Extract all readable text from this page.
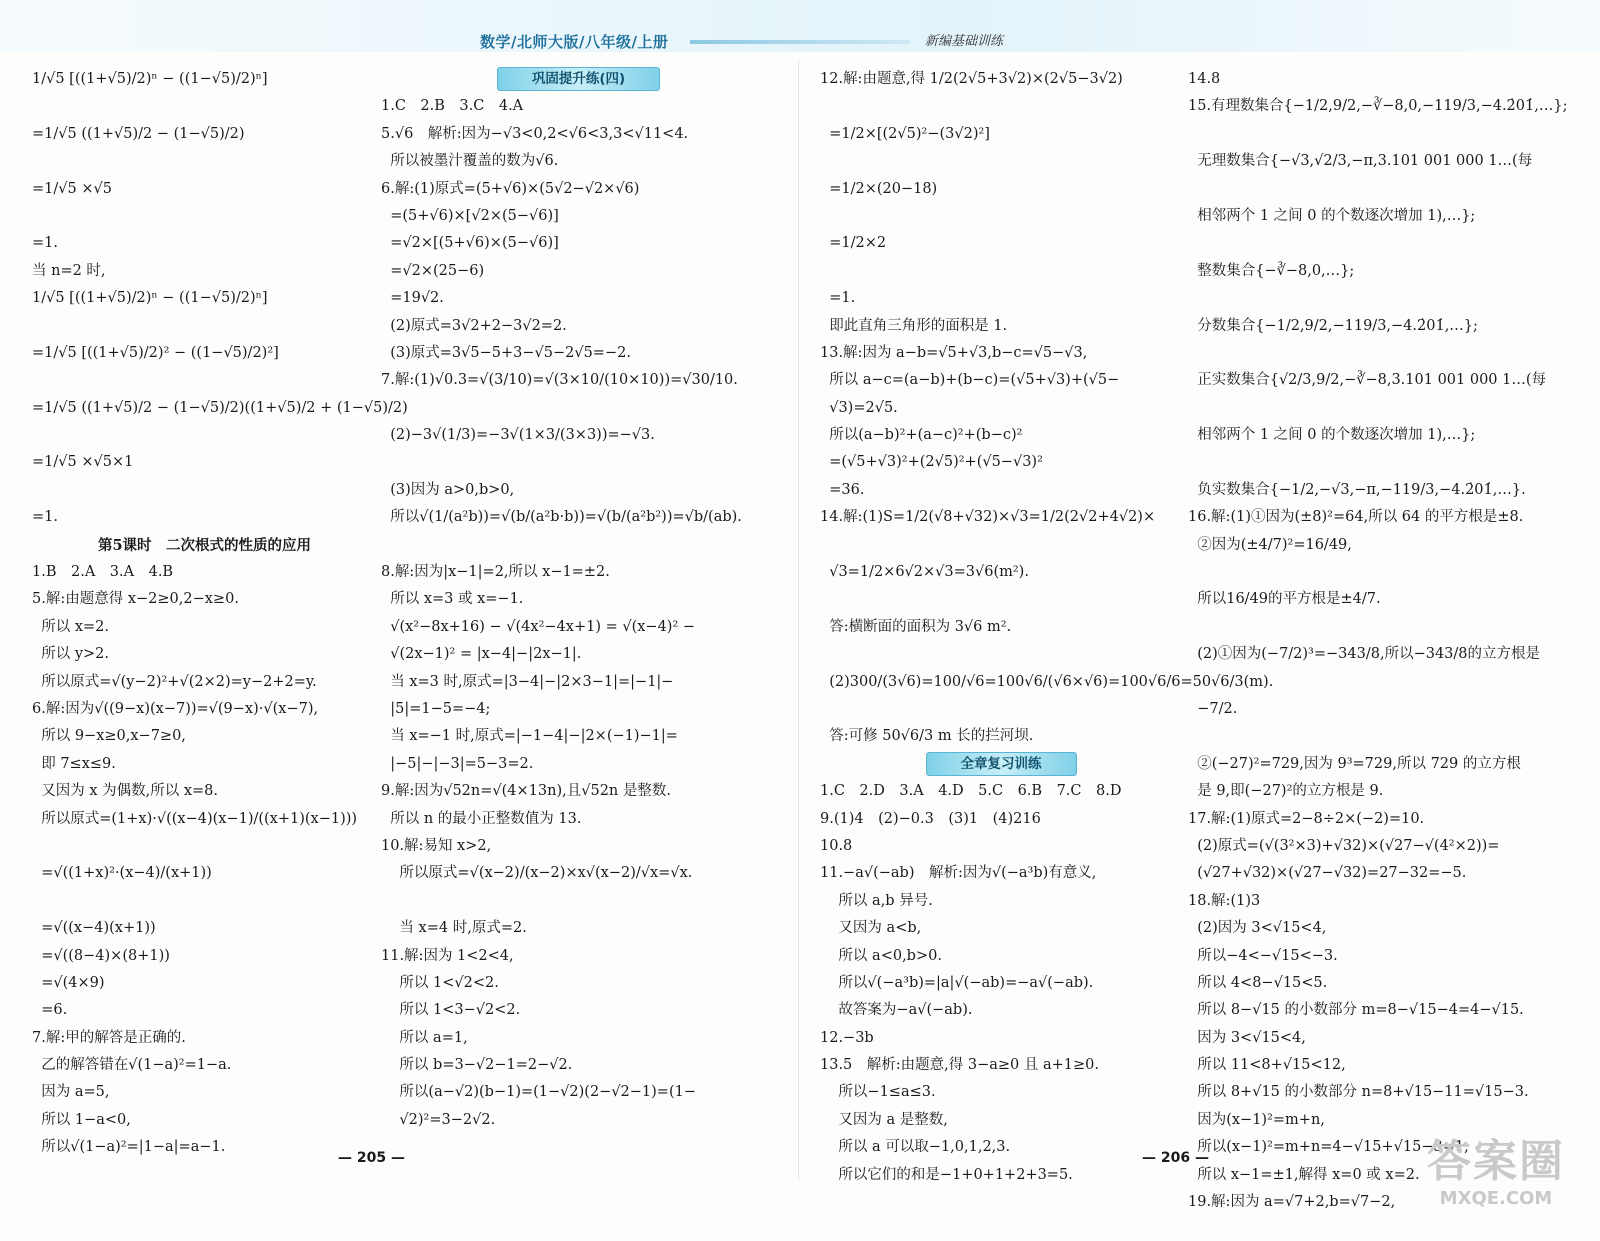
数学/北师大版/八年级/上册	新编基础训练
1/√5 [((1+√5)/2)ⁿ − ((1−√5)/2)ⁿ]
=1/√5 ((1+√5)/2 − (1−√5)/2)
=1/√5 ×√5
=1.
当 n=2 时,
1/√5 [((1+√5)/2)ⁿ − ((1−√5)/2)ⁿ]
=1/√5 [((1+√5)/2)² − ((1−√5)/2)²]
=1/√5 ((1+√5)/2 − (1−√5)/2)((1+√5)/2 + (1−√5)/2)
=1/√5 ×√5×1
=1.
第5课时　二次根式的性质的应用
1.B　2.A　3.A　4.B
5.解:由题意得 x−2≥0,2−x≥0.
所以 x=2.
所以 y>2.
所以原式=√(y−2)²+√(2×2)=y−2+2=y.
6.解:因为√((9−x)(x−7))=√(9−x)·√(x−7),
所以 9−x≥0,x−7≥0,
即 7≤x≤9.
又因为 x 为偶数,所以 x=8.
所以原式=(1+x)·√((x−4)(x−1)/((x+1)(x−1)))
=√((1+x)²·(x−4)/(x+1))
=√((x−4)(x+1))
=√((8−4)×(8+1))
=√(4×9)
=6.
7.解:甲的解答是正确的.
乙的解答错在√(1−a)²=1−a.
因为 a=5,
所以 1−a<0,
所以√(1−a)²=|1−a|=a−1.
巩固提升练(四)
1.C　2.B　3.C　4.A
5.√6　解析:因为−√3<0,2<√6<3,3<√11<4.
所以被墨汁覆盖的数为√6.
6.解:(1)原式=(5+√6)×(5√2−√2×√6)
=(5+√6)×[√2×(5−√6)]
=√2×[(5+√6)×(5−√6)]
=√2×(25−6)
=19√2.
(2)原式=3√2+2−3√2=2.
(3)原式=3√5−5+3−√5−2√5=−2.
7.解:(1)√0.3=√(3/10)=√(3×10/(10×10))=√30/10.
(2)−3√(1/3)=−3√(1×3/(3×3))=−√3.
(3)因为 a>0,b>0,
所以√(1/(a²b))=√(b/(a²b·b))=√(b/(a²b²))=√b/(ab).
8.解:因为|x−1|=2,所以 x−1=±2.
所以 x=3 或 x=−1.
√(x²−8x+16) − √(4x²−4x+1) = √(x−4)² −
√(2x−1)² = |x−4|−|2x−1|.
当 x=3 时,原式=|3−4|−|2×3−1|=|−1|−
|5|=1−5=−4;
当 x=−1 时,原式=|−1−4|−|2×(−1)−1|=
|−5|−|−3|=5−3=2.
9.解:因为√52n=√(4×13n),且√52n 是整数.
所以 n 的最小正整数值为 13.
10.解:易知 x>2,
所以原式=√(x−2)/(x−2)×x√(x−2)/√x=√x.
当 x=4 时,原式=2.
11.解:因为 1<2<4,
所以 1<√2<2.
所以 1<3−√2<2.
所以 a=1,
所以 b=3−√2−1=2−√2.
所以(a−√2)(b−1)=(1−√2)(2−√2−1)=(1−
√2)²=3−2√2.
12.解:由题意,得 1/2(2√5+3√2)×(2√5−3√2)
=1/2×[(2√5)²−(3√2)²]
=1/2×(20−18)
=1/2×2
=1.
即此直角三角形的面积是 1.
13.解:因为 a−b=√5+√3,b−c=√5−√3,
所以 a−c=(a−b)+(b−c)=(√5+√3)+(√5−
√3)=2√5.
所以(a−b)²+(a−c)²+(b−c)²
=(√5+√3)²+(2√5)²+(√5−√3)²
=36.
14.解:(1)S=1/2(√8+√32)×√3=1/2(2√2+4√2)×
√3=1/2×6√2×√3=3√6(m²).
答:横断面的面积为 3√6 m².
(2)300/(3√6)=100/√6=100√6/(√6×√6)=100√6/6=50√6/3(m).
答:可修 50√6/3 m 长的拦河坝.
全章复习训练
1.C　2.D　3.A　4.D　5.C　6.B　7.C　8.D
9.(1)4　(2)−0.3　(3)1　(4)216
10.8
11.−a√(−ab)　解析:因为√(−a³b)有意义,
所以 a,b 异号.
又因为 a<b,
所以 a<0,b>0.
所以√(−a³b)=|a|√(−ab)=−a√(−ab).
故答案为−a√(−ab).
12.−3b
13.5　解析:由题意,得 3−a≥0 且 a+1≥0.
所以−1≤a≤3.
又因为 a 是整数,
所以 a 可以取−1,0,1,2,3.
所以它们的和是−1+0+1+2+3=5.
14.8
15.有理数集合{−1/2,9/2,−∛−8,0,−119/3,−4.2̇01̇,…};
无理数集合{−√3,√2/3,−π,3.101 001 000 1…(每
相邻两个 1 之间 0 的个数逐次增加 1),…};
整数集合{−∛−8,0,…};
分数集合{−1/2,9/2,−119/3,−4.2̇01̇,…};
正实数集合{√2/3,9/2,−∛−8,3.101 001 000 1…(每
相邻两个 1 之间 0 的个数逐次增加 1),…};
负实数集合{−1/2,−√3,−π,−119/3,−4.2̇01̇,…}.
16.解:(1)①因为(±8)²=64,所以 64 的平方根是±8.
②因为(±4/7)²=16/49,
所以16/49的平方根是±4/7.
(2)①因为(−7/2)³=−343/8,所以−343/8的立方根是
−7/2.
②(−27)²=729,因为 9³=729,所以 729 的立方根
是 9,即(−27)²的立方根是 9.
17.解:(1)原式=2−8÷2×(−2)=10.
(2)原式=(√(3²×3)+√32)×(√27−√(4²×2))=
(√27+√32)×(√27−√32)=27−32=−5.
18.解:(1)3
(2)因为 3<√15<4,
所以−4<−√15<−3.
所以 4<8−√15<5.
所以 8−√15 的小数部分 m=8−√15−4=4−√15.
因为 3<√15<4,
所以 11<8+√15<12,
所以 8+√15 的小数部分 n=8+√15−11=√15−3.
因为(x−1)²=m+n,
所以(x−1)²=m+n=4−√15+√15−3=1,
所以 x−1=±1,解得 x=0 或 x=2.
19.解:因为 a=√7+2,b=√7−2,
— 205 —	— 206 —	答案圈
MXQE.COM
